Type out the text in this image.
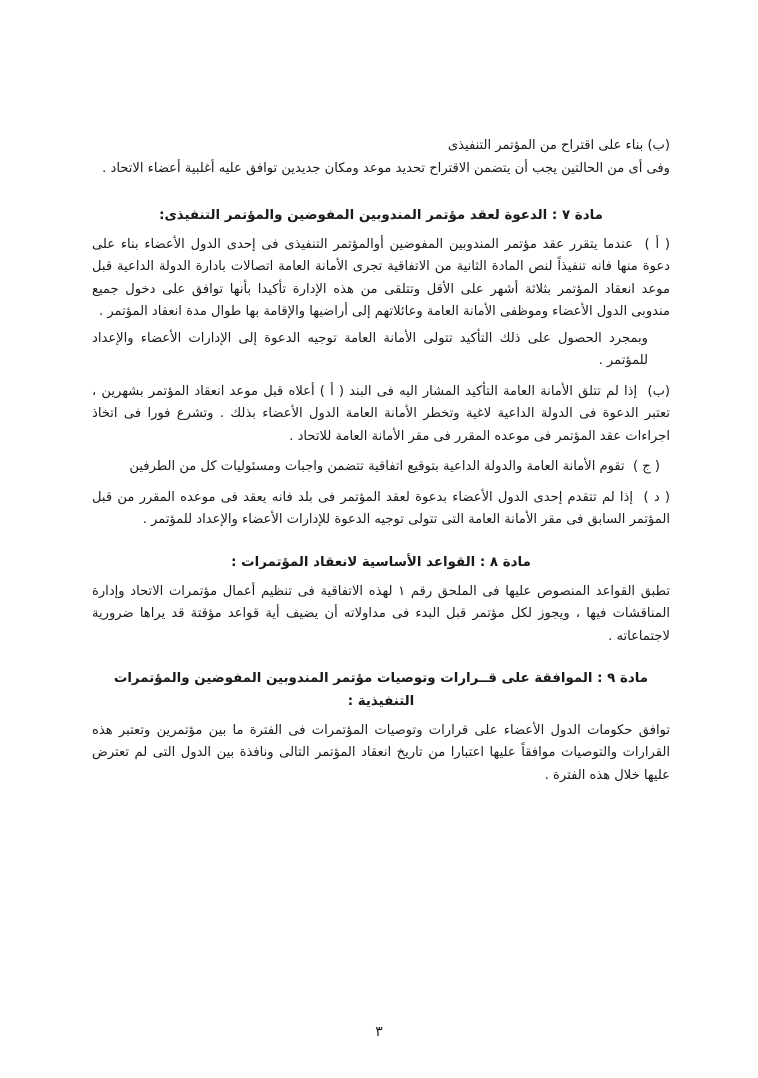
(ب) بناء على اقتراح من المؤتمر التنفيذى

وفى أى من الحالتين يجب أن يتضمن الاقتراح تحديد موعد ومكان جديدين توافق عليه أغلبية أعضاء الاتحاد .

مادة ٧ : الدعوة لعقد مؤتمر المندوبين المفوضين والمؤتمر التنفيذى:

( أ )  عندما يتقرر عقد مؤتمر المندوبين المفوضين أوالمؤتمر التنفيذى فى إحدى الدول الأعضاء بناء على دعوة منها فانه تنفيذاً لنص المادة الثانية من الاتفاقية تجرى الأمانة العامة اتصالات بادارة الدولة الداعية قبل موعد انعقاد المؤتمر بثلاثة أشهر على الأقل وتتلقى من هذه الإدارة تأكيدا بأنها توافق على دخول جميع مندوبى الدول الأعضاء وموظفى الأمانة العامة وعائلاتهم إلى أراضيها والإقامة بها طوال مدة انعقاد المؤتمر .

وبمجرد الحصول على ذلك التأكيد تتولى الأمانة العامة توجيه الدعوة إلى الإدارات الأعضاء والإعداد للمؤتمر .

(ب)  إذا لم تتلق الأمانة العامة التأكيد المشار اليه فى البند ( أ ) أعلاه قبل موعد انعقاد المؤتمر بشهرين ، تعتبر الدعوة فى الدولة الداعية لاغية وتخطر الأمانة العامة الدول الأعضاء بذلك . وتشرع فورا فى اتخاذ اجراءات عقد المؤتمر فى موعده المقرر فى مقر الأمانة العامة للاتحاد .

( ج )  تقوم الأمانة العامة والدولة الداعية بتوقيع اتفاقية تتضمن واجبات ومسئوليات كل من الطرفين

( د )  إذا لم تتقدم إحدى الدول الأعضاء بدعوة لعقد المؤتمر فى بلد فانه يعقد فى موعده المقرر من قبل المؤتمر السابق فى مقر الأمانة العامة التى تتولى توجيه الدعوة للإدارات الأعضاء والإعداد للمؤتمر .

مادة ٨ : القواعد الأساسية لانعقاد المؤتمرات :

تطبق القواعد المنصوص عليها فى الملحق رقم ١ لهذه الاتفاقية فى تنظيم أعمال مؤتمرات الاتحاد وإدارة المناقشات فيها ، ويجوز لكل مؤتمر قبل البدء فى مداولاته أن يضيف أية قواعد مؤقتة قد يراها ضرورية لاجتماعاته .

مادة ٩ : الموافقة على قــرارات وتوصيات مؤتمر المندوبين المفوضين والمؤتمرات التنفيذية :

توافق حكومات الدول الأعضاء على قرارات وتوصيات المؤتمرات فى الفترة ما بين مؤتمرين وتعتبر هذه القرارات والتوصيات موافقاً عليها اعتبارا من تاريخ انعقاد المؤتمر التالى ونافذة بين الدول التى لم تعترض عليها خلال هذه الفترة .

٣
